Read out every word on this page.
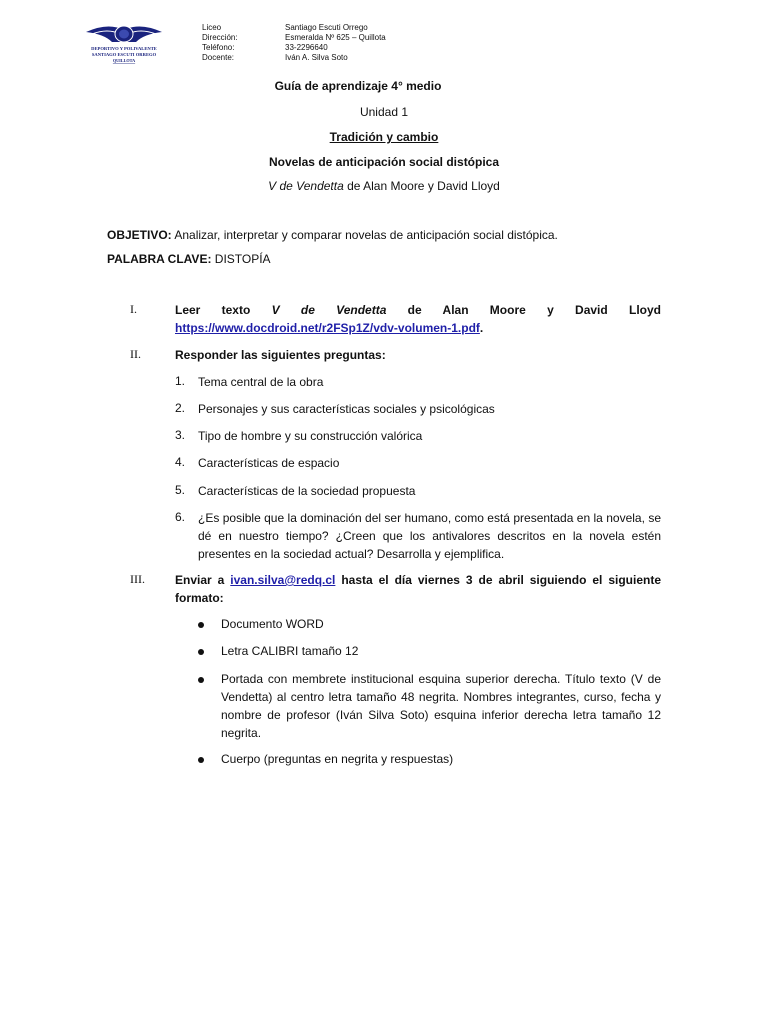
DEPORTIVO Y POLIVALENTE
SANTIAGO ESCUTI ORREGO
QUILLOTA
Liceo	Santiago Escuti Orrego
Dirección:	Esmeralda Nº 625 – Quillota
Teléfono:	33-2296640
Docente:	Iván A. Silva Soto
Guía de aprendizaje 4° medio
Unidad 1
Tradición y cambio
Novelas de anticipación social distópica
V de Vendetta de Alan Moore y David Lloyd
OBJETIVO: Analizar, interpretar y comparar novelas de anticipación social distópica.
PALABRA CLAVE: DISTOPÍA
I.	Leer texto V de Vendetta de Alan Moore y David Lloyd
https://www.docdroid.net/r2FSp1Z/vdv-volumen-1.pdf.
II.	Responder las siguientes preguntas:
1. Tema central de la obra
2. Personajes y sus características sociales y psicológicas
3. Tipo de hombre y su construcción valórica
4. Características de espacio
5. Características de la sociedad propuesta
6. ¿Es posible que la dominación del ser humano, como está presentada en la novela, se dé en nuestro tiempo? ¿Creen que los antivalores descritos en la novela estén presentes en la sociedad actual? Desarrolla y ejemplifica.
III.	Enviar a ivan.silva@redq.cl hasta el día viernes 3 de abril siguiendo el siguiente formato:
Documento WORD
Letra CALIBRI tamaño 12
Portada con membrete institucional esquina superior derecha. Título texto (V de Vendetta) al centro letra tamaño 48 negrita. Nombres integrantes, curso, fecha y nombre de profesor (Iván Silva Soto) esquina inferior derecha letra tamaño 12 negrita.
Cuerpo (preguntas en negrita y respuestas)
